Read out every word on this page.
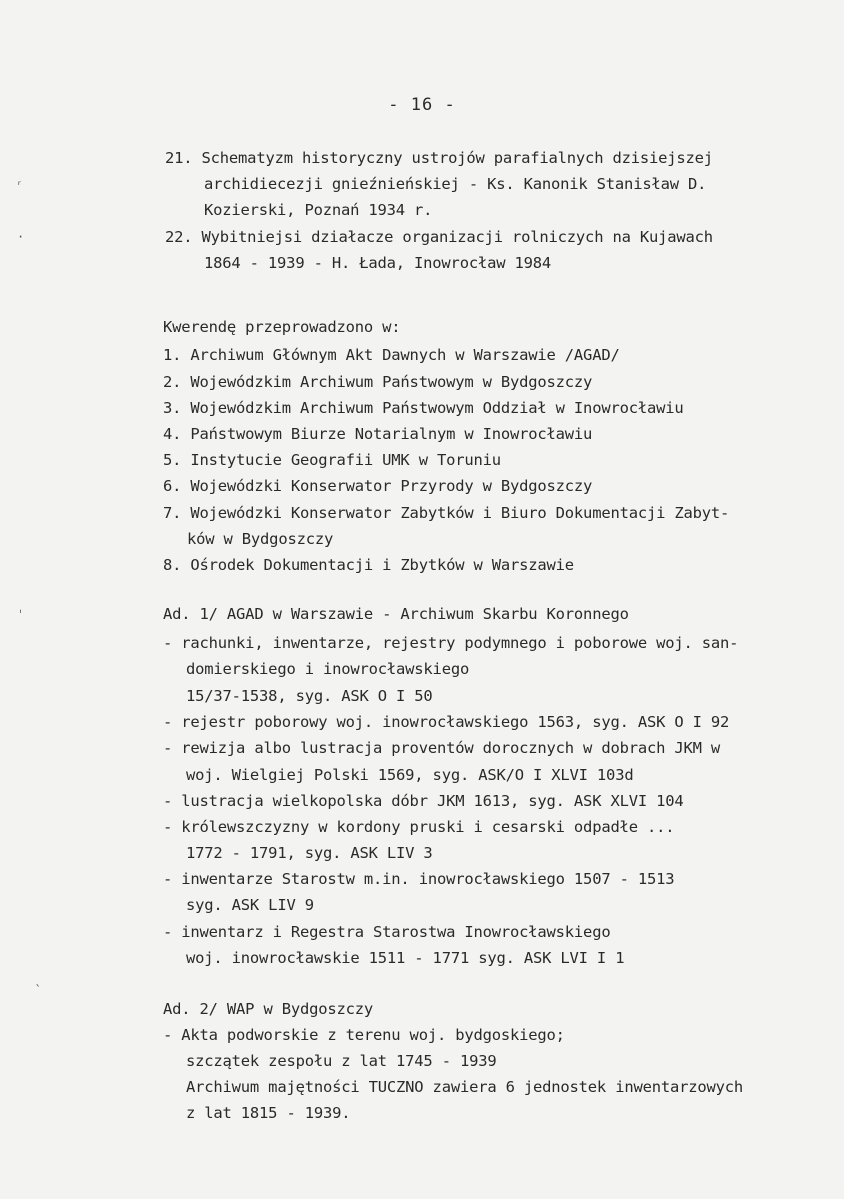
- 16 -
ʳ
·
ˌ
ˎ

21. Schematyzm historyczny ustrojów parafialnych dzisiejszej

archidiecezji gnieźnieńskiej - Ks. Kanonik Stanisław D.

Kozierski, Poznań 1934 r.

22. Wybitniejsi działacze organizacji rolniczych na Kujawach

1864 - 1939 - H. Łada, Inowrocław 1984

Kwerendę przeprowadzono w:

1. Archiwum Głównym Akt Dawnych w Warszawie /AGAD/

2. Wojewódzkim Archiwum Państwowym w Bydgoszczy

3. Wojewódzkim Archiwum Państwowym Oddział w Inowrocławiu

4. Państwowym Biurze Notarialnym w Inowrocławiu

5. Instytucie Geografii UMK w Toruniu

6. Wojewódzki Konserwator Przyrody w Bydgoszczy

7. Wojewódzki Konserwator Zabytków i Biuro Dokumentacji Zabyt-

ków w Bydgoszczy

8. Ośrodek Dokumentacji i Zbytków w Warszawie

Ad. 1/ AGAD w Warszawie - Archiwum Skarbu Koronnego

- rachunki, inwentarze, rejestry podymnego i poborowe woj. san-

domierskiego i inowrocławskiego

15/37-1538, syg. ASK O I 50

- rejestr poborowy woj. inowrocławskiego 1563, syg. ASK O I 92

- rewizja albo lustracja proventów dorocznych w dobrach JKM w

woj. Wielgiej Polski 1569, syg. ASK/O I XLVI 103d

- lustracja wielkopolska dóbr JKM 1613, syg. ASK XLVI 104

- królewszczyzny w kordony pruski i cesarski odpadłe ...

1772 - 1791, syg. ASK LIV 3

- inwentarze Starostw m.in. inowrocławskiego 1507 - 1513

syg. ASK LIV 9

- inwentarz i Regestra Starostwa Inowrocławskiego

woj. inowrocławskie 1511 - 1771 syg. ASK LVI I 1

Ad. 2/ WAP w Bydgoszczy

- Akta podworskie z terenu woj. bydgoskiego;

szczątek zespołu z lat 1745 - 1939

Archiwum majętności TUCZNO zawiera 6 jednostek inwentarzowych

z lat 1815 - 1939.
